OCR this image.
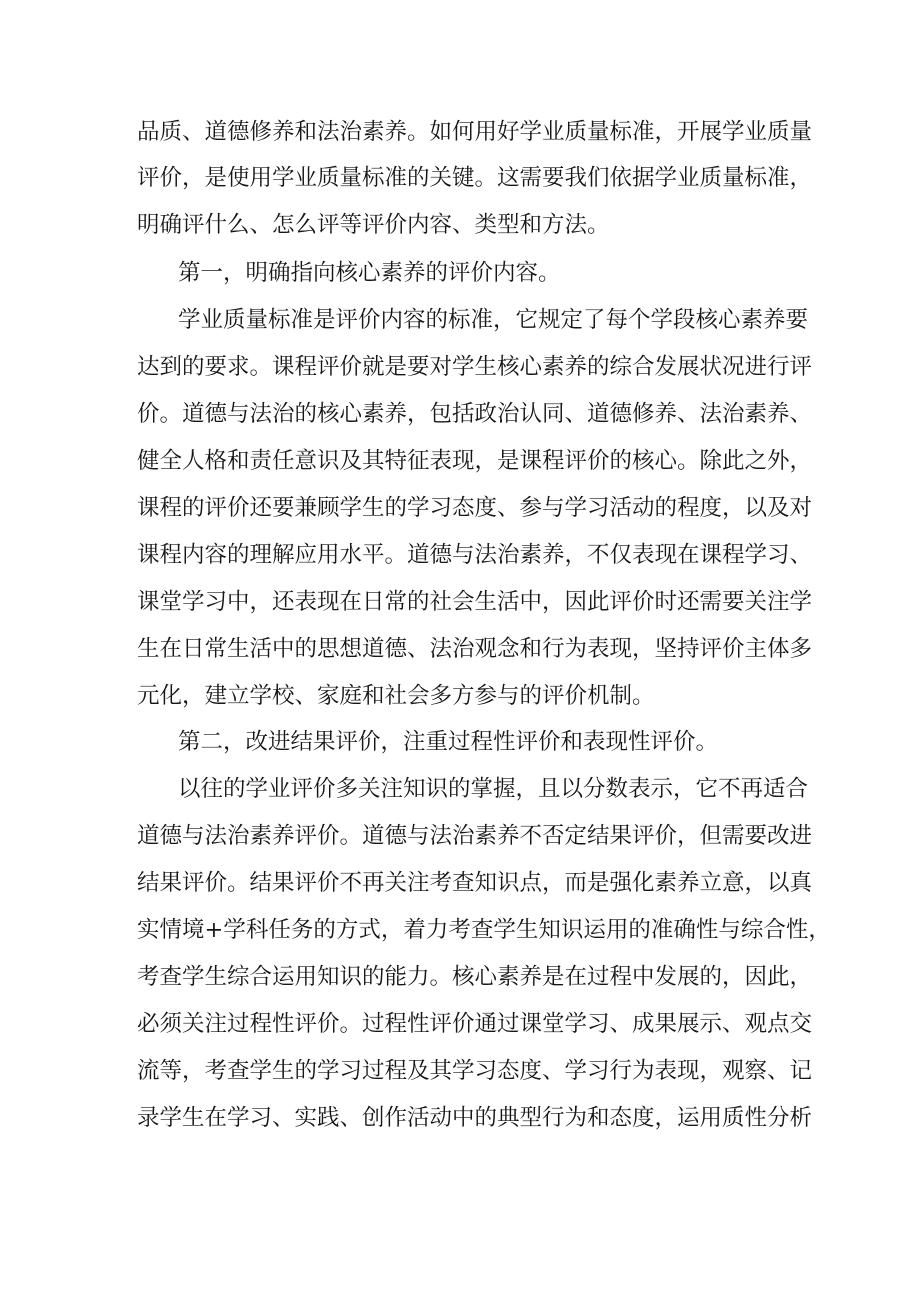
品质、道德修养和法治素养。如何用好学业质量标准，开展学业质量

评价，是使用学业质量标准的关键。这需要我们依据学业质量标准，

明确评什么、怎么评等评价内容、类型和方法。

第一，明确指向核心素养的评价内容。

学业质量标准是评价内容的标准，它规定了每个学段核心素养要

达到的要求。课程评价就是要对学生核心素养的综合发展状况进行评

价。道德与法治的核心素养，包括政治认同、道德修养、法治素养、

健全人格和责任意识及其特征表现，是课程评价的核心。除此之外，

课程的评价还要兼顾学生的学习态度、参与学习活动的程度，以及对

课程内容的理解应用水平。道德与法治素养，不仅表现在课程学习、

课堂学习中，还表现在日常的社会生活中，因此评价时还需要关注学

生在日常生活中的思想道德、法治观念和行为表现，坚持评价主体多

元化，建立学校、家庭和社会多方参与的评价机制。

第二，改进结果评价，注重过程性评价和表现性评价。

以往的学业评价多关注知识的掌握，且以分数表示，它不再适合

道德与法治素养评价。道德与法治素养不否定结果评价，但需要改进

结果评价。结果评价不再关注考查知识点，而是强化素养立意，以真

实情境+学科任务的方式，着力考查学生知识运用的准确性与综合性，

考查学生综合运用知识的能力。核心素养是在过程中发展的，因此，

必须关注过程性评价。过程性评价通过课堂学习、成果展示、观点交

流等，考查学生的学习过程及其学习态度、学习行为表现，观察、记

录学生在学习、实践、创作活动中的典型行为和态度，运用质性分析
